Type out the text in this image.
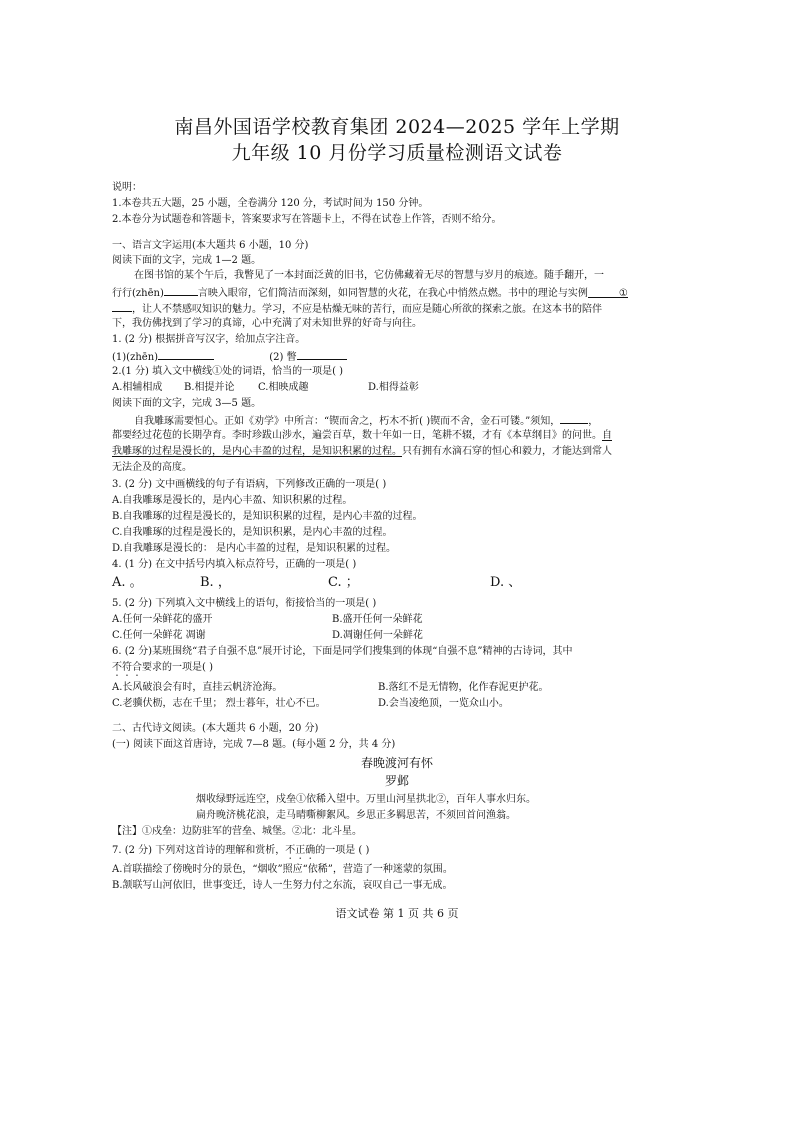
南昌外国语学校教育集团 2024—2025 学年上学期
九年级 10 月份学习质量检测语文试卷
说明：
1.本卷共五大题，25 小题，全卷满分 120 分，考试时间为 150 分钟。
2.本卷分为试题卷和答题卡，答案要求写在答题卡上，不得在试卷上作答，否则不给分。
一、语言文字运用(本大题共 6 小题，10 分)
阅读下面的文字，完成 1—2 题。
在图书馆的某个午后，我瞥见了一本封面泛黄的旧书，它仿佛藏着无尽的智慧与岁月的痕迹。随手翻开，一
行行(zhēn)	言映入眼帘，它们简洁而深刻，如同智慧的火花，在我心中悄然点燃。书中的理论与实例	①
，让人不禁感叹知识的魅力。学习，不应是枯燥无味的苦行，而应是随心所欲的探索之旅。在这本书的陪伴
下，我仿佛找到了学习的真谛，心中充满了对未知世界的好奇与向往。
1. (2 分) 根据拼音写汉字，给加点字注音。
(1)(zhēn)	(2) 瞥
2.(1 分) 填入文中横线①处的词语，恰当的一项是( )
A.相辅相成 B.相提并论 C.相映成趣	D.相得益彰
阅读下面的文字，完成 3—5 题。
自我雕琢需要恒心。正如《劝学》中所言：“锲而舍之，朽木不折( )锲而不舍，金石可镂。”须知，	，
都要经过花苞的长期孕育。李时珍跋山涉水，遍尝百草，数十年如一日，笔耕不辍，才有《本草纲目》的问世。自
我雕琢的过程是漫长的，是内心丰盈的过程，是知识积累的过程。只有拥有水滴石穿的恒心和毅力，才能达到常人
无法企及的高度。
3. (2 分) 文中画横线的句子有语病，下列修改正确的一项是( )
A.自我雕琢是漫长的，是内心丰盈、知识积累的过程。
B.自我雕琢的过程是漫长的，是知识积累的过程，是内心丰盈的过程。
C.自我雕琢的过程是漫长的，是知识积累，是内心丰盈的过程。
D.自我雕琢是漫长的： 是内心丰盈的过程，是知识积累的过程。
4. (1 分) 在文中括号内填入标点符号，正确的一项是( )
A. 。	B. ，	C. ；	D. 、
5. (2 分) 下列填入文中横线上的语句，衔接恰当的一项是( )
A.任何一朵鲜花的盛开	B.盛开任何一朵鲜花
C.任何一朵鲜花 凋谢	D.凋谢任何一朵鲜花
6. (2 分)某班围绕“君子自强不息”展开讨论，下面是同学们搜集到的体现“自强不息”精神的古诗词，其中
不符合要求的一项是( )
A.长风破浪会有时，直挂云帆济沧海。	B.落红不是无情物，化作春泥更护花。
C.老骥伏枥，志在千里； 烈士暮年，壮心不已。	D.会当凌绝顶，一览众山小。
二、古代诗文阅读。(本大题共 6 小题，20 分)
(一) 阅读下面这首唐诗，完成 7—8 题。(每小题 2 分，共 4 分)
春晚渡河有怀
罗邺
烟收绿野远连空，戍垒①依稀入望中。万里山河星拱北②，百年人事水归东。
扁舟晚济桃花浪，走马晴嘶柳絮风。乡思正多羁思苦，不须回首问渔翁。
【注】①戍垒：边防驻军的营垒、城堡。②北：北斗星。
7. (2 分) 下列对这首诗的理解和赏析，不正确的一项是 ( )
A.首联描绘了傍晚时分的景色，“烟收”照应“依稀”，营造了一种迷蒙的氛围。
B.颔联写山河依旧，世事变迁，诗人一生努力付之东流，哀叹自己一事无成。
语文试卷 第 1 页 共 6 页
